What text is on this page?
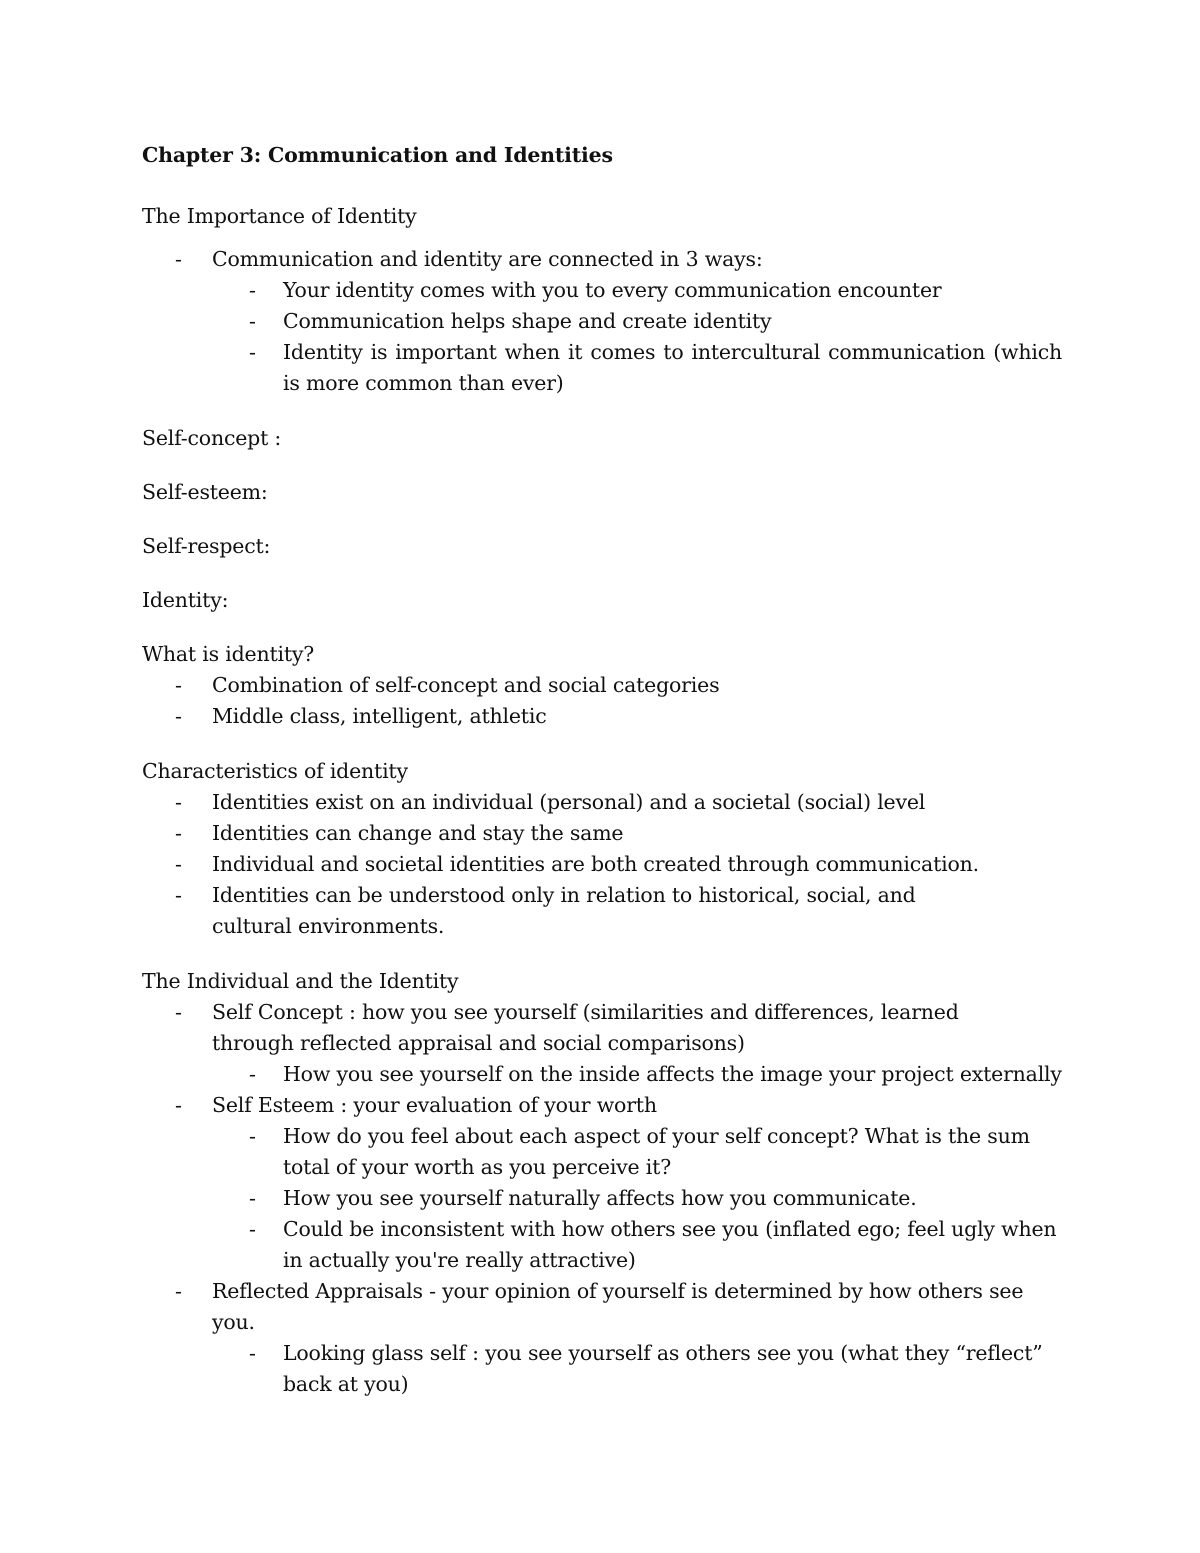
Chapter 3: Communication and Identities

The Importance of Identity

- Communication and identity are connected in 3 ways:
- Your identity comes with you to every communication encounter
- Communication helps shape and create identity
- Identity is important when it comes to intercultural communication (which is more common than ever)

Self-concept :

Self-esteem:

Self-respect:

Identity:

What is identity?

- Combination of self-concept and social categories
- Middle class, intelligent, athletic

Characteristics of identity

- Identities exist on an individual (personal) and a societal (social) level
- Identities can change and stay the same
- Individual and societal identities are both created through communication.
- Identities can be understood only in relation to historical, social, and cultural environments.

The Individual and the Identity

- Self Concept : how you see yourself (similarities and differences, learned through reflected appraisal and social comparisons)
- How you see yourself on the inside affects the image your project externally
- Self Esteem : your evaluation of your worth
- How do you feel about each aspect of your self concept? What is the sum total of your worth as you perceive it?
- How you see yourself naturally affects how you communicate.
- Could be inconsistent with how others see you (inflated ego; feel ugly when in actually you're really attractive)
- Reflected Appraisals - your opinion of yourself is determined by how others see you.
- Looking glass self : you see yourself as others see you (what they “reflect” back at you)
